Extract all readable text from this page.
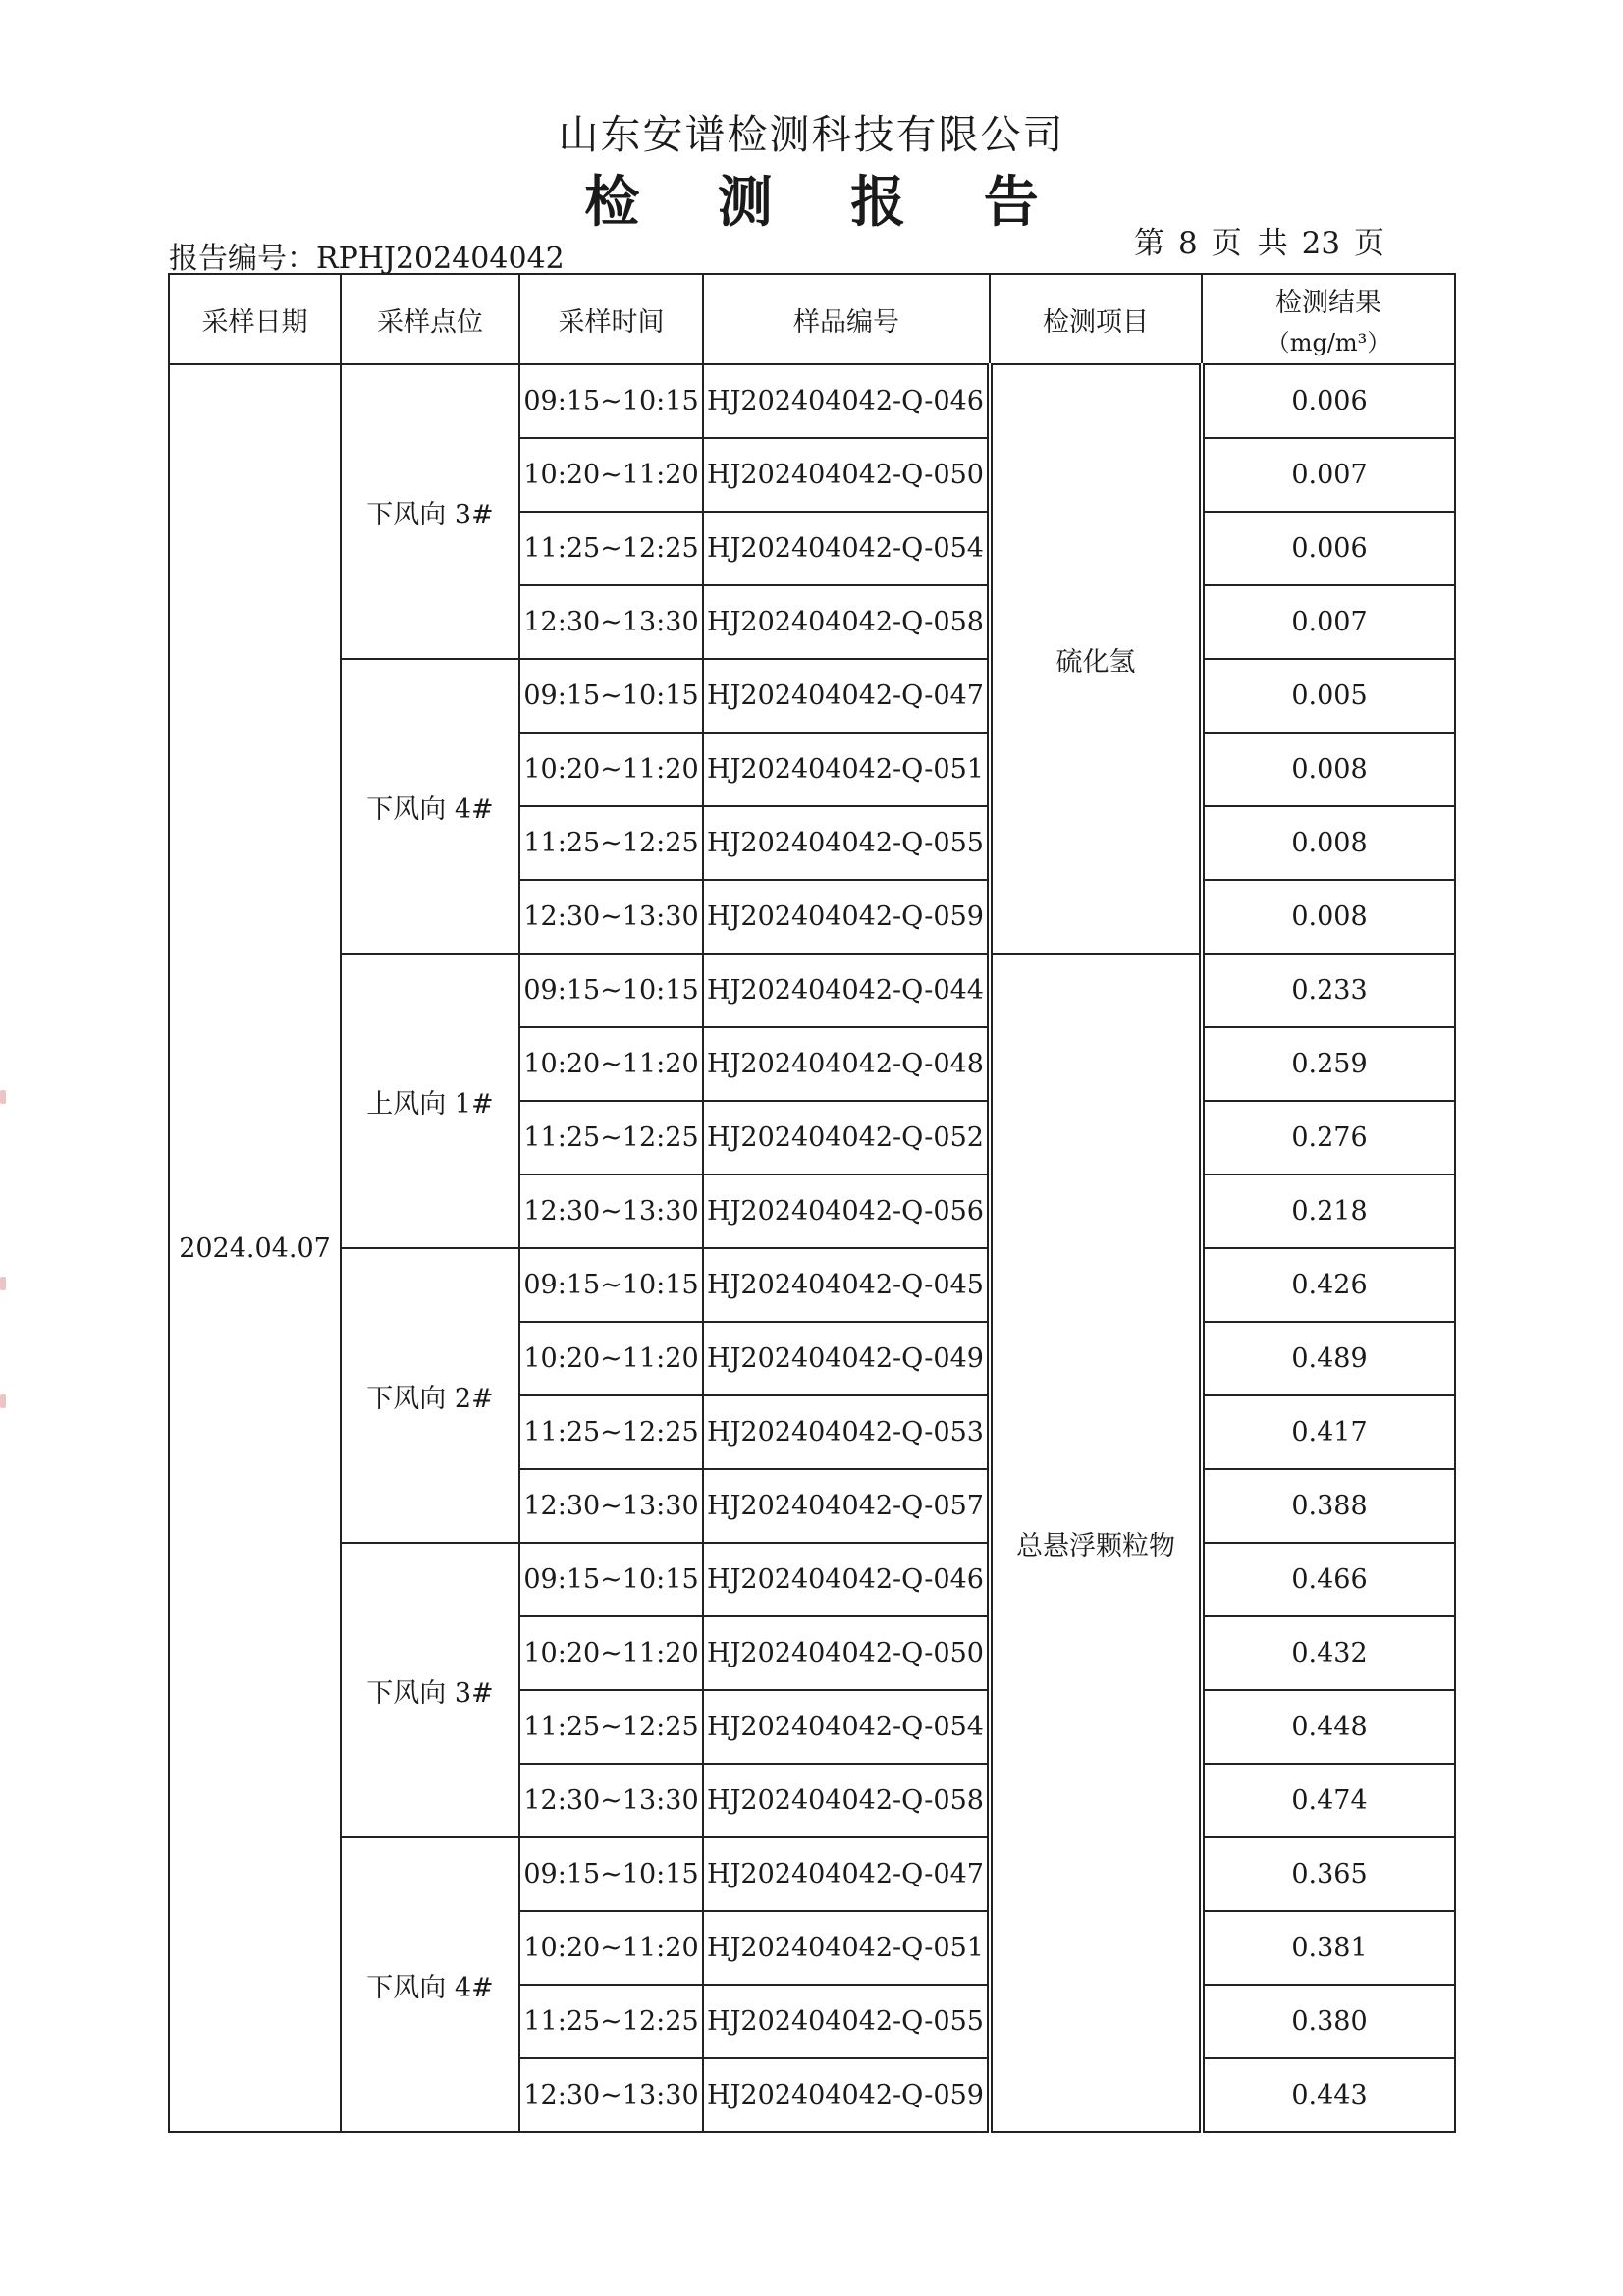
山东安谱检测科技有限公司
检 测 报 告
报告编号：RPHJ202404042	第 8 页 共 23 页
采样日期	采样点位	采样时间	样品编号	检测项目	检测结果
（mg/m³）

2024.04.07	下风向 3#	09:15~10:15	HJ202404042-Q-046	硫化氢	0.006
		10:20~11:20	HJ202404042-Q-050		0.007
		11:25~12:25	HJ202404042-Q-054		0.006
		12:30~13:30	HJ202404042-Q-058		0.007
	下风向 4#	09:15~10:15	HJ202404042-Q-047		0.005
		10:20~11:20	HJ202404042-Q-051		0.008
		11:25~12:25	HJ202404042-Q-055		0.008
		12:30~13:30	HJ202404042-Q-059		0.008
	上风向 1#	09:15~10:15	HJ202404042-Q-044	总悬浮颗粒物	0.233
		10:20~11:20	HJ202404042-Q-048		0.259
		11:25~12:25	HJ202404042-Q-052		0.276
		12:30~13:30	HJ202404042-Q-056		0.218
	下风向 2#	09:15~10:15	HJ202404042-Q-045		0.426
		10:20~11:20	HJ202404042-Q-049		0.489
		11:25~12:25	HJ202404042-Q-053		0.417
		12:30~13:30	HJ202404042-Q-057		0.388
	下风向 3#	09:15~10:15	HJ202404042-Q-046		0.466
		10:20~11:20	HJ202404042-Q-050		0.432
		11:25~12:25	HJ202404042-Q-054		0.448
		12:30~13:30	HJ202404042-Q-058		0.474
	下风向 4#	09:15~10:15	HJ202404042-Q-047		0.365
		10:20~11:20	HJ202404042-Q-051		0.381
		11:25~12:25	HJ202404042-Q-055		0.380
		12:30~13:30	HJ202404042-Q-059		0.443
